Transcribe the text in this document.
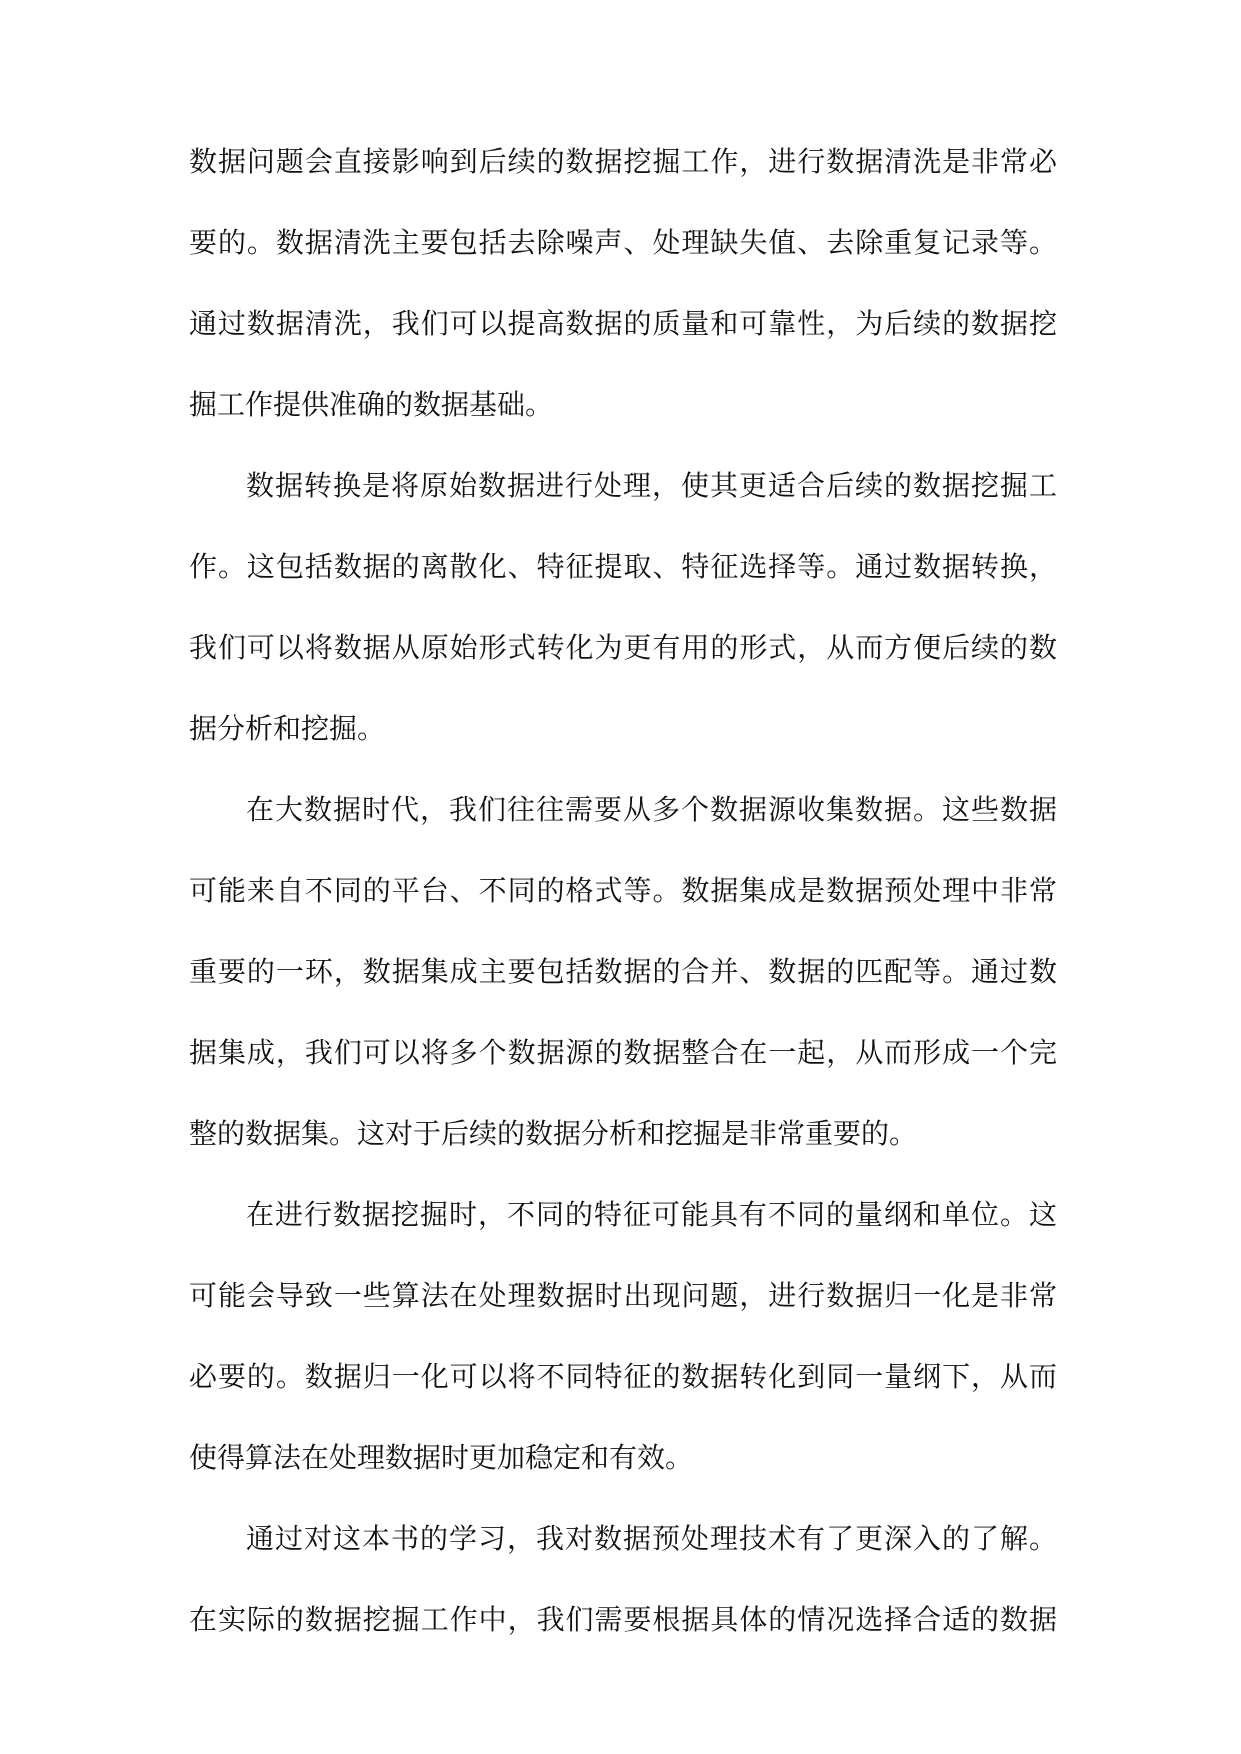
数据问题会直接影响到后续的数据挖掘工作，进行数据清洗是非常必
要的。数据清洗主要包括去除噪声、处理缺失值、去除重复记录等。
通过数据清洗，我们可以提高数据的质量和可靠性，为后续的数据挖
掘工作提供准确的数据基础。
数据转换是将原始数据进行处理，使其更适合后续的数据挖掘工
作。这包括数据的离散化、特征提取、特征选择等。通过数据转换，
我们可以将数据从原始形式转化为更有用的形式，从而方便后续的数
据分析和挖掘。
在大数据时代，我们往往需要从多个数据源收集数据。这些数据
可能来自不同的平台、不同的格式等。数据集成是数据预处理中非常
重要的一环，数据集成主要包括数据的合并、数据的匹配等。通过数
据集成，我们可以将多个数据源的数据整合在一起，从而形成一个完
整的数据集。这对于后续的数据分析和挖掘是非常重要的。
在进行数据挖掘时，不同的特征可能具有不同的量纲和单位。这
可能会导致一些算法在处理数据时出现问题，进行数据归一化是非常
必要的。数据归一化可以将不同特征的数据转化到同一量纲下，从而
使得算法在处理数据时更加稳定和有效。
通过对这本书的学习，我对数据预处理技术有了更深入的了解。
在实际的数据挖掘工作中，我们需要根据具体的情况选择合适的数据
